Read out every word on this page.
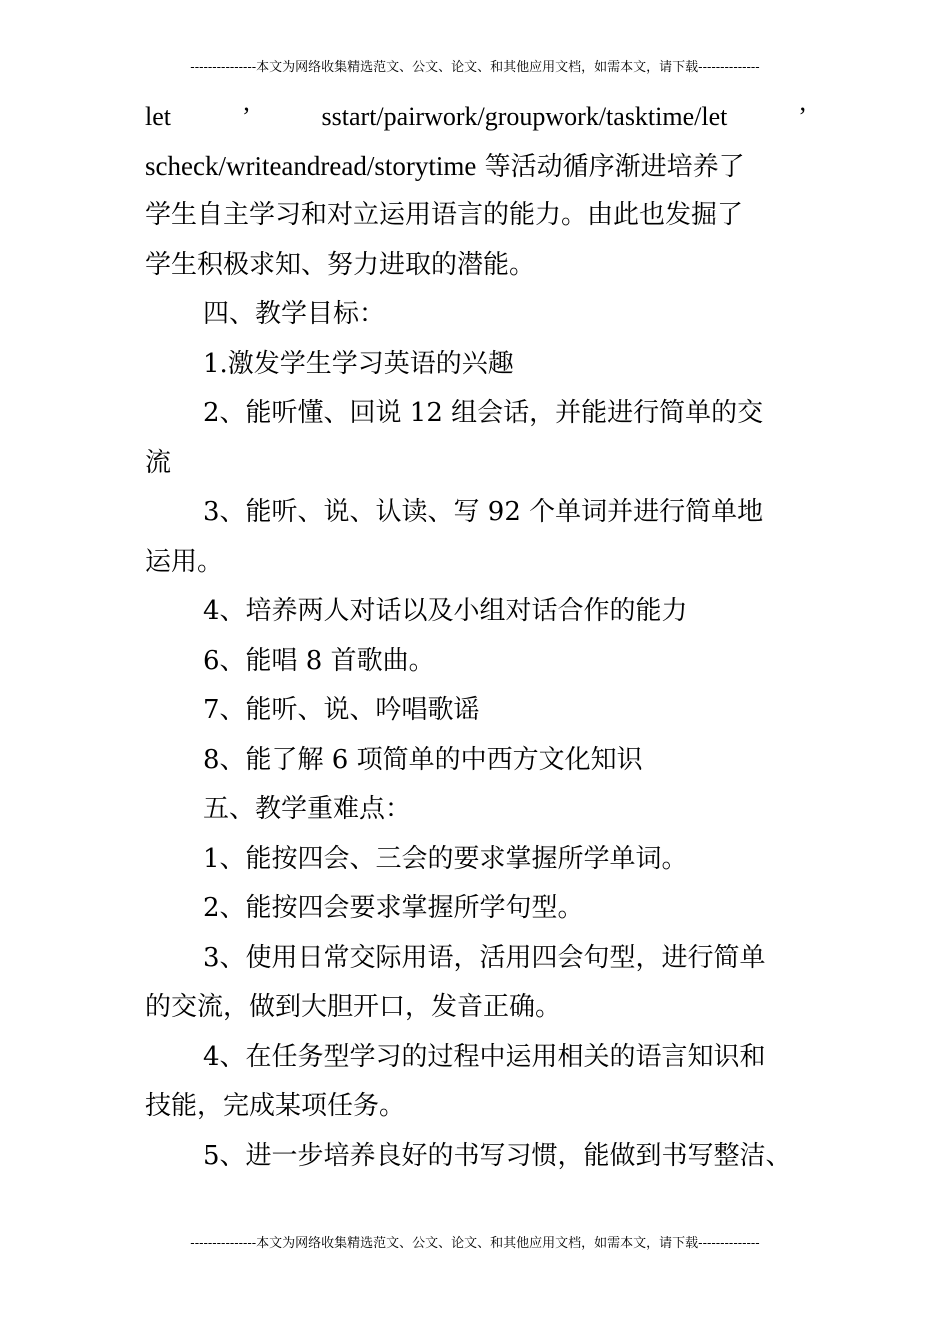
---------------本文为网络收集精选范文、公文、论文、和其他应用文档，如需本文，请下载--------------
let	’	sstart/pairwork/groupwork/tasktime/let	’
scheck/writeandread/storytime 等活动循序渐进培养了
学生自主学习和对立运用语言的能力。由此也发掘了
学生积极求知、努力进取的潜能。
四、教学目标：
1.激发学生学习英语的兴趣
2、能听懂、回说 12 组会话，并能进行简单的交
流
3、能听、说、认读、写 92 个单词并进行简单地
运用。
4、培养两人对话以及小组对话合作的能力
6、能唱 8 首歌曲。
7、能听、说、吟唱歌谣
8、能了解 6 项简单的中西方文化知识
五、教学重难点：
1、能按四会、三会的要求掌握所学单词。
2、能按四会要求掌握所学句型。
3、使用日常交际用语，活用四会句型，进行简单
的交流，做到大胆开口，发音正确。
4、在任务型学习的过程中运用相关的语言知识和
技能，完成某项任务。
5、进一步培养良好的书写习惯，能做到书写整洁、
---------------本文为网络收集精选范文、公文、论文、和其他应用文档，如需本文，请下载--------------
